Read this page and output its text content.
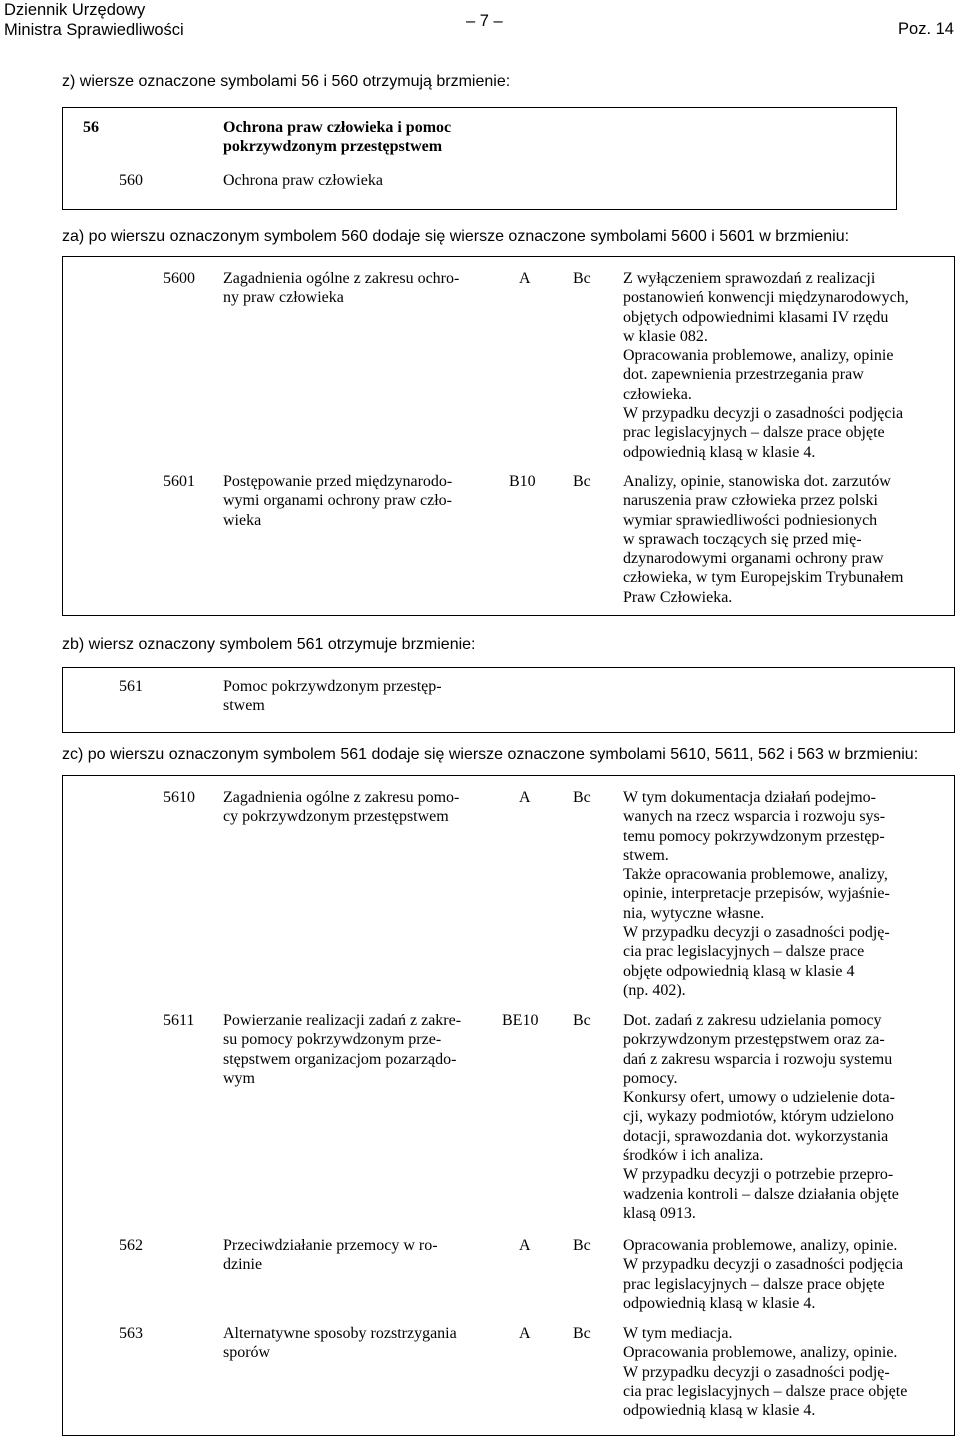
Dziennik Urzędowy
Ministra Sprawiedliwości	– 7 –	Poz. 14
z) wiersze oznaczone symbolami 56 i 560 otrzymują brzmienie:
56	Ochrona praw człowieka i pomoc
pokrzywdzonym przestępstwem
560	Ochrona praw człowieka
za) po wierszu oznaczonym symbolem 560 dodaje się wiersze oznaczone symbolami 5600 i 5601 w brzmieniu:
5600 Zagadnienia ogólne z zakresu ochro-
ny praw człowieka
A	Bc Z wyłączeniem sprawozdań z realizacji
postanowień konwencji międzynarodowych,
objętych odpowiednimi klasami IV rzędu
w klasie 082.
Opracowania problemowe, analizy, opinie
dot. zapewnienia przestrzegania praw
człowieka.
W przypadku decyzji o zasadności podjęcia
prac legislacyjnych – dalsze prace objęte
odpowiednią klasą w klasie 4.
5601 Postępowanie przed międzynarodo-
wymi organami ochrony praw czło-
wieka
B10 Bc Analizy, opinie, stanowiska dot. zarzutów
naruszenia praw człowieka przez polski
wymiar sprawiedliwości podniesionych
w sprawach toczących się przed mię-
dzynarodowymi organami ochrony praw
człowieka, w tym Europejskim Trybunałem
Praw Człowieka.
zb) wiersz oznaczony symbolem 561 otrzymuje brzmienie:
561	Pomoc pokrzywdzonym przestęp-
stwem
zc) po wierszu oznaczonym symbolem 561 dodaje się wiersze oznaczone symbolami 5610, 5611, 562 i 563 w brzmieniu:
5610 Zagadnienia ogólne z zakresu pomo-
cy pokrzywdzonym przestępstwem
A	Bc W tym dokumentacja działań podejmo-
wanych na rzecz wsparcia i rozwoju sys-
temu pomocy pokrzywdzonym przestęp-
stwem.
Także opracowania problemowe, analizy,
opinie, interpretacje przepisów, wyjaśnie-
nia, wytyczne własne.
W przypadku decyzji o zasadności podję-
cia prac legislacyjnych – dalsze prace
objęte odpowiednią klasą w klasie 4
(np. 402).
5611 Powierzanie realizacji zadań z zakre-
su pomocy pokrzywdzonym prze-
stępstwem organizacjom pozarządo-
wym
BE10 Bc Dot. zadań z zakresu udzielania pomocy
pokrzywdzonym przestępstwem oraz za-
dań z zakresu wsparcia i rozwoju systemu
pomocy.
Konkursy ofert, umowy o udzielenie dota-
cji, wykazy podmiotów, którym udzielono
dotacji, sprawozdania dot. wykorzystania
środków i ich analiza.
W przypadku decyzji o potrzebie przepro-
wadzenia kontroli – dalsze działania objęte
klasą 0913.
562	Przeciwdziałanie przemocy w ro-
dzinie
A	Bc Opracowania problemowe, analizy, opinie.
W przypadku decyzji o zasadności podjęcia
prac legislacyjnych – dalsze prace objęte
odpowiednią klasą w klasie 4.
563	Alternatywne sposoby rozstrzygania
sporów
A	Bc W tym mediacja.
Opracowania problemowe, analizy, opinie.
W przypadku decyzji o zasadności podję-
cia prac legislacyjnych – dalsze prace objęte
odpowiednią klasą w klasie 4.
